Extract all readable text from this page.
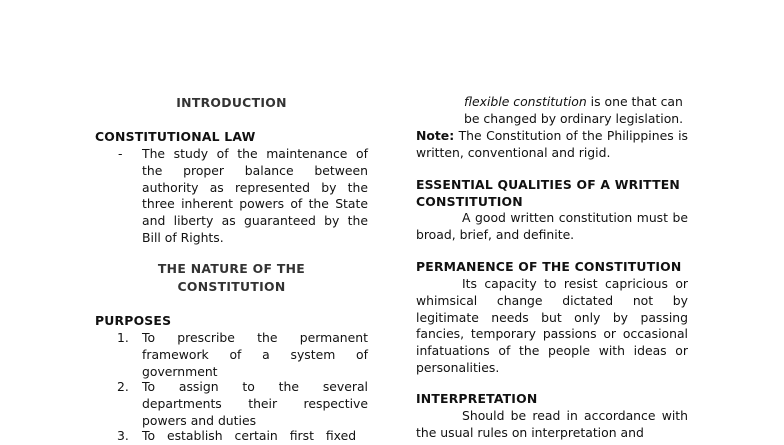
INTRODUCTION
CONSTITUTIONAL LAW
- The study of the maintenance of the proper balance between authority as represented by the three inherent powers of the State and liberty as guaranteed by the Bill of Rights.
THE NATURE OF THE
CONSTITUTION
PURPOSES
1. To prescribe the permanent framework of a system of government
2. To assign to the several departments their respective powers and duties
3. To establish certain first fixed
flexible constitution is one that can be changed by ordinary legislation.
Note: The Constitution of the Philippines is written, conventional and rigid.
ESSENTIAL QUALITIES OF A WRITTEN CONSTITUTION
A good written constitution must be broad, brief, and definite.
PERMANENCE OF THE CONSTITUTION
Its capacity to resist capricious or whimsical change dictated not by legitimate needs but only by passing fancies, temporary passions or occasional infatuations of the people with ideas or personalities.
INTERPRETATION
Should be read in accordance with the usual rules on interpretation and
